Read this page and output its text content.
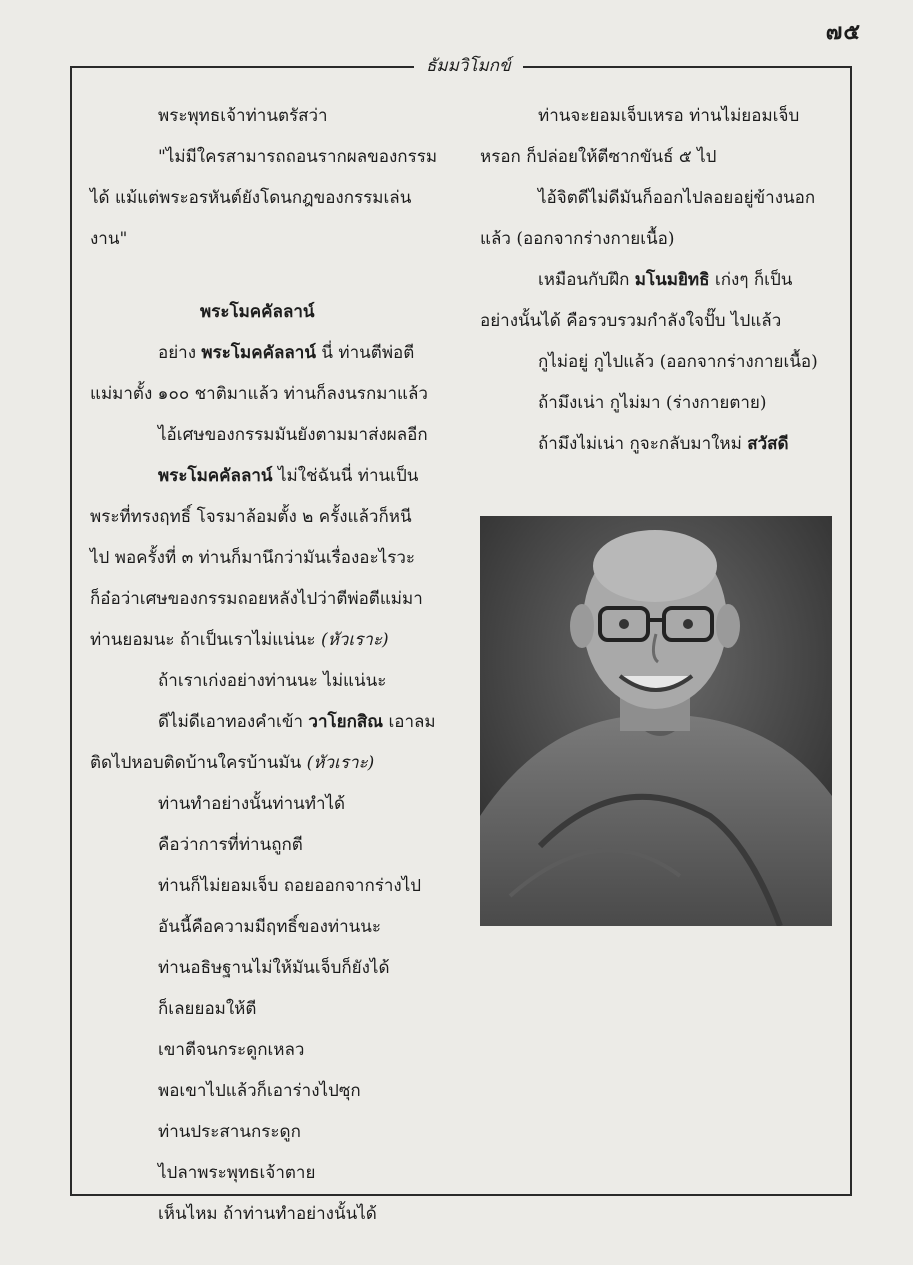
๗๕
ธัมมวิโมกข์
พระพุทธเจ้าท่านตรัสว่า
"ไม่มีใครสามารถถอนรากผลของกรรม
ได้ แม้แต่พระอรหันต์ยังโดนกฎของกรรมเล่น
งาน"
พระโมคคัลลาน์
อย่าง พระโมคคัลลาน์ นี่ ท่านตีพ่อตี
แม่มาตั้ง ๑๐๐ ชาติมาแล้ว ท่านก็ลงนรกมาแล้ว
ไอ้เศษของกรรมมันยังตามมาส่งผลอีก
พระโมคคัลลาน์ ไม่ใช่ฉันนี่ ท่านเป็น
พระที่ทรงฤทธิ์ โจรมาล้อมตั้ง ๒ ครั้งแล้วก็หนี
ไป พอครั้งที่ ๓ ท่านก็มานึกว่ามันเรื่องอะไรวะ
ก็อ๋อว่าเศษของกรรมถอยหลังไปว่าตีพ่อตีแม่มา
ท่านยอมนะ ถ้าเป็นเราไม่แน่นะ (หัวเราะ)
ถ้าเราเก่งอย่างท่านนะ ไม่แน่นะ
ดีไม่ดีเอาทองคำเข้า วาโยกสิณ เอาลม
ติดไปหอบติดบ้านใครบ้านมัน (หัวเราะ)
ท่านทำอย่างนั้นท่านทำได้
คือว่าการที่ท่านถูกตี
ท่านก็ไม่ยอมเจ็บ ถอยออกจากร่างไป
อันนี้คือความมีฤทธิ์ของท่านนะ
ท่านอธิษฐานไม่ให้มันเจ็บก็ยังได้
ก็เลยยอมให้ตี
เขาตีจนกระดูกเหลว
พอเขาไปแล้วก็เอาร่างไปซุก
ท่านประสานกระดูก
ไปลาพระพุทธเจ้าตาย
เห็นไหม ถ้าท่านทำอย่างนั้นได้
ท่านจะยอมเจ็บเหรอ ท่านไม่ยอมเจ็บ
หรอก ก็ปล่อยให้ตีซากขันธ์ ๕ ไป
ไอ้จิตดีไม่ดีมันก็ออกไปลอยอยู่ข้างนอก
แล้ว (ออกจากร่างกายเนื้อ)
เหมือนกับฝึก มโนมยิทธิ เก่งๆ ก็เป็น
อย่างนั้นได้ คือรวบรวมกำลังใจปั๊บ ไปแล้ว
กูไม่อยู่ กูไปแล้ว (ออกจากร่างกายเนื้อ)
ถ้ามึงเน่า กูไม่มา (ร่างกายตาย)
ถ้ามึงไม่เน่า กูจะกลับมาใหม่ สวัสดี
